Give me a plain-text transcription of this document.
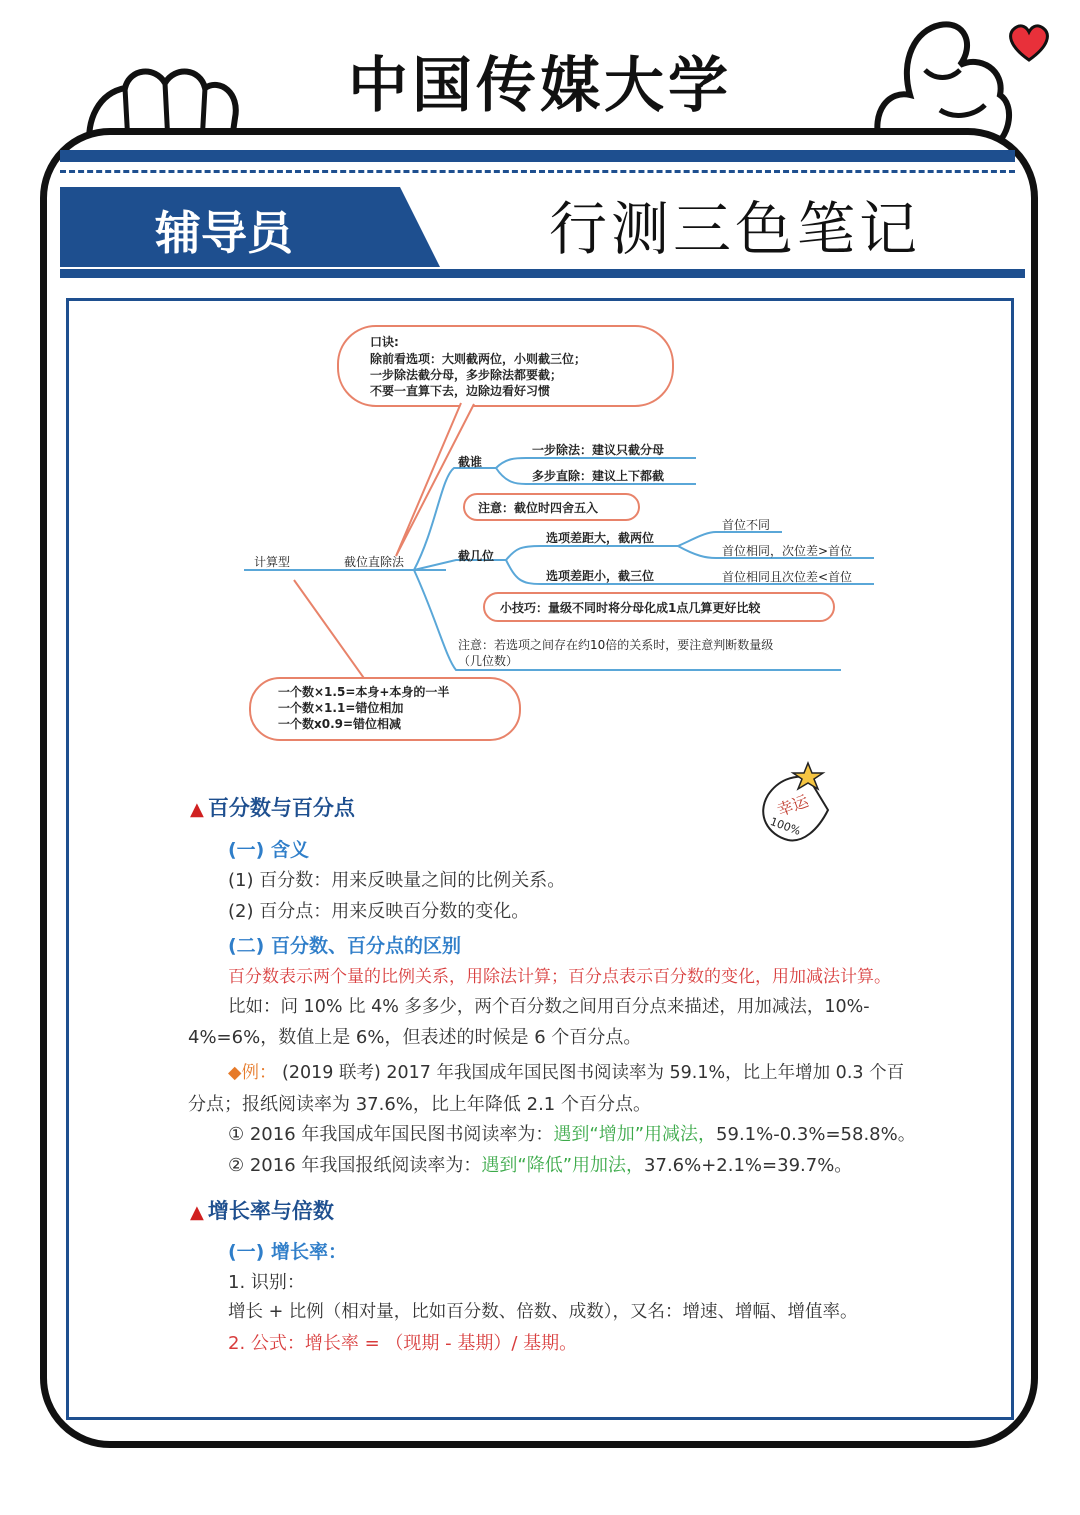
中国传媒大学
辅导员	行测三色笔记
口诀:
除前看选项：大则截两位，小则截三位；
一步除法截分母，多步除法都要截；
不要一直算下去，边除边看好习惯
计算型	截位直除法
截谁
一步除法：建议只截分母
多步直除：建议上下都截
注意：截位时四舍五入
截几位
选项差距大，截两位
选项差距小，截三位
首位不同
首位相同，次位差>首位
首位相同且次位差<首位
小技巧：量级不同时将分母化成1点几算更好比较
注意：若选项之间存在约10倍的关系时，要注意判断数量级
（几位数）
一个数×1.5=本身+本身的一半
一个数×1.1=错位相加
一个数x0.9=错位相减
幸运
100%
▲ 百分数与百分点
(一) 含义
(1) 百分数：用来反映量之间的比例关系。
(2) 百分点：用来反映百分数的变化。
(二) 百分数、百分点的区别
百分数表示两个量的比例关系，用除法计算；百分点表示百分数的变化，用加减法计算。
比如：问 10% 比 4% 多多少，两个百分数之间用百分点来描述，用加减法，10%-
4%=6%，数值上是 6%，但表述的时候是 6 个百分点。
◆例： (2019 联考) 2017 年我国成年国民图书阅读率为 59.1%，比上年增加 0.3 个百
分点；报纸阅读率为 37.6%，比上年降低 2.1 个百分点。
① 2016 年我国成年国民图书阅读率为：遇到“增加”用减法，59.1%-0.3%=58.8%。
② 2016 年我国报纸阅读率为：遇到“降低”用加法，37.6%+2.1%=39.7%。
▲ 增长率与倍数
(一) 增长率：
1. 识别：
增长 + 比例（相对量，比如百分数、倍数、成数），又名：增速、增幅、增值率。
2. 公式：增长率 = （现期 - 基期）/ 基期。
